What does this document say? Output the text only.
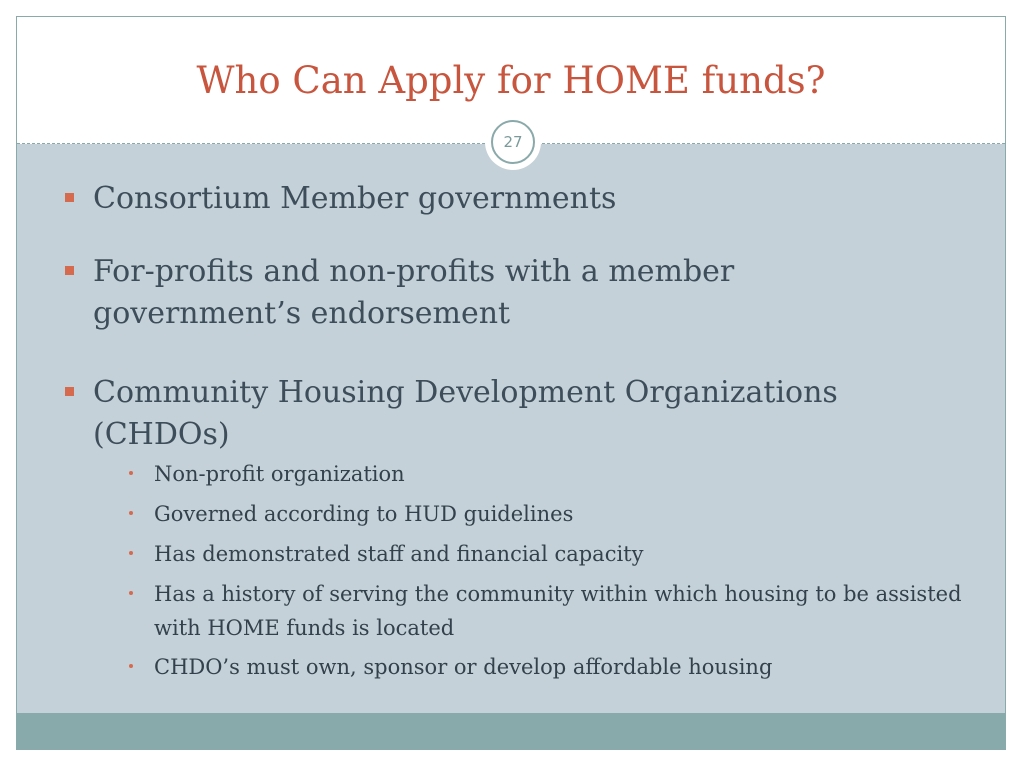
Who Can Apply for HOME funds?
Consortium Member governments
For-profits and non-profits with a member government’s endorsement
Community Housing Development Organizations (CHDOs)
Non-profit organization
Governed according to HUD guidelines
Has demonstrated staff and financial capacity
Has a history of serving the community within which housing to be assisted with HOME funds is located
CHDO’s must own, sponsor or develop affordable housing
27
